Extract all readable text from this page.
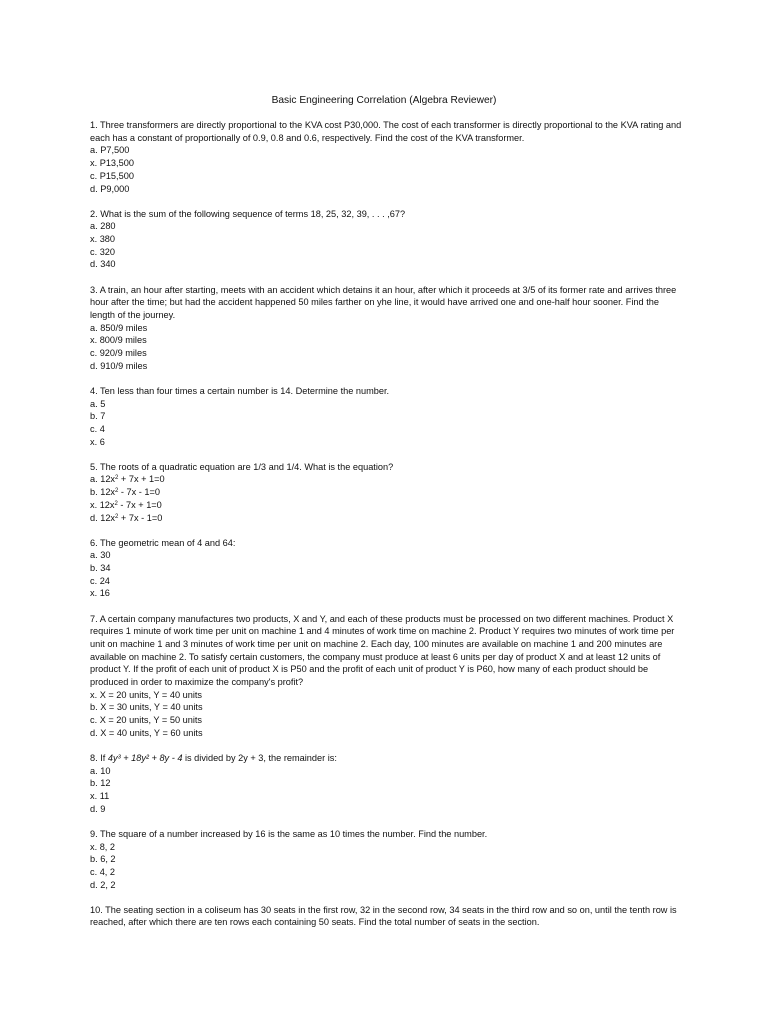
Basic Engineering Correlation (Algebra Reviewer)

1. Three transformers are directly proportional to the KVA cost P30,000. The cost of each transformer is directly proportional to the KVA rating and each has a constant of proportionally of 0.9, 0.8 and 0.6, respectively. Find the cost of the KVA transformer.

a. P7,500
x. P13,500
c. P15,500
d. P9,000

2. What is the sum of the following sequence of terms 18, 25, 32, 39, . . . ,67?

a. 280
x. 380
c. 320
d. 340

3. A train, an hour after starting, meets with an accident which detains it an hour, after which it proceeds at 3/5 of its former rate and arrives three hour after the time; but had the accident happened 50 miles farther on yhe line, it would have arrived one and one-half hour sooner. Find the length of the journey.

a. 850/9 miles
x. 800/9 miles
c. 920/9 miles
d. 910/9 miles

4. Ten less than four times a certain number is 14. Determine the number.

a. 5
b. 7
c. 4
x. 6

5. The roots of a quadratic equation are 1/3 and 1/4. What is the equation?

a. $12x^2 + 7x + 1=0$
b. $12x^2 - 7x - 1=0$
x. $12x^2 - 7x + 1=0$
d. $12x^2 + 7x - 1=0$

6. The geometric mean of 4 and 64:

a. 30
b. 34
c. 24
x. 16

7. A certain company manufactures two products, X and Y, and each of these products must be processed on two different machines. Product X requires 1 minute of work time per unit on machine 1 and 4 minutes of work time on machine 2. Product Y requires two minutes of work time per unit on machine 1 and 3 minutes of work time per unit on machine 2. Each day, 100 minutes are available on machine 1 and 200 minutes are available on machine 2. To satisfy certain customers, the company must produce at least 6 units per day of product X and at least 12 units of product Y. If the profit of each unit of product X is P50 and the profit of each unit of product Y is P60, how many of each product should be produced in order to maximize the company's profit?

x. X = 20 units, Y = 40 units
b. X = 30 units, Y = 40 units
c. X = 20 units, Y = 50 units
d. X = 40 units, Y = 60 units

8. If 4y³ + 18y² + 8y - 4 is divided by 2y + 3, the remainder is:

a. 10
b. 12
x. 11
d. 9

9. The square of a number increased by 16 is the same as 10 times the number. Find the number.

x. 8, 2
b. 6, 2
c. 4, 2
d. 2, 2

10. The seating section in a coliseum has 30 seats in the first row, 32 in the second row, 34 seats in the third row and so on, until the tenth row is reached, after which there are ten rows each containing 50 seats. Find the total number of seats in the section.
